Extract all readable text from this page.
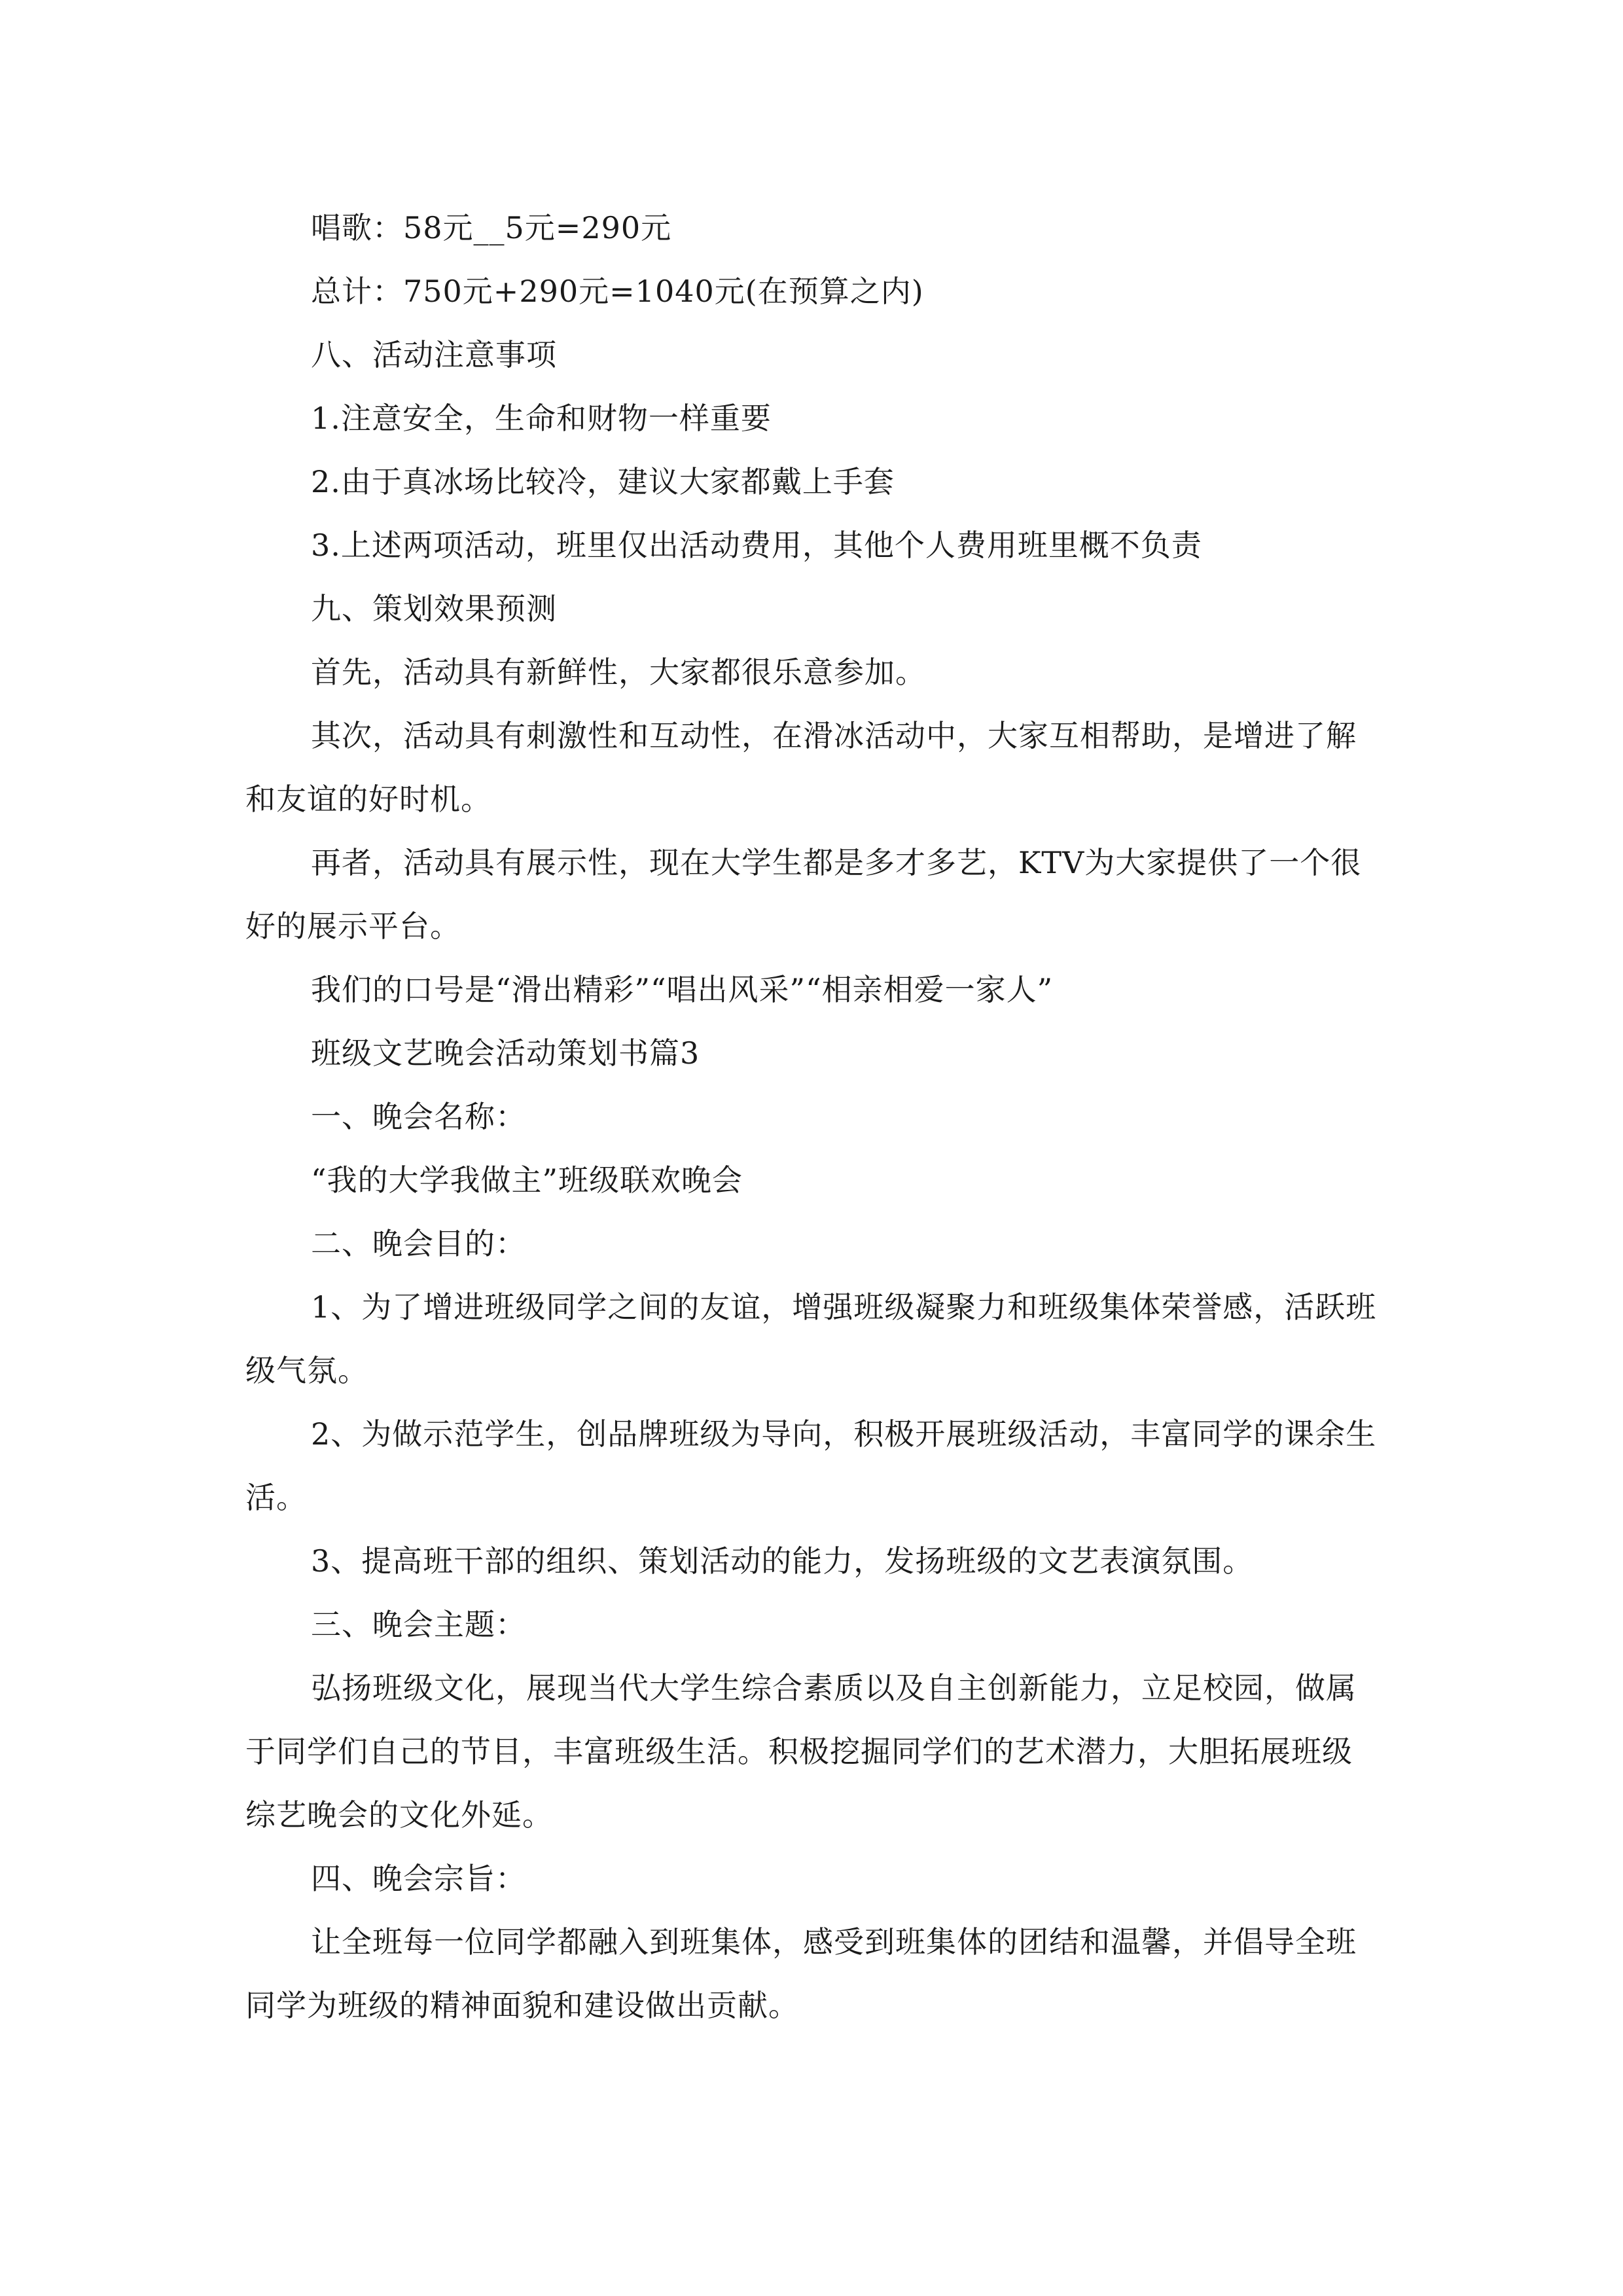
唱歌：58元__5元=290元

总计：750元+290元=1040元(在预算之内)

八、活动注意事项

1.注意安全，生命和财物一样重要

2.由于真冰场比较冷，建议大家都戴上手套

3.上述两项活动，班里仅出活动费用，其他个人费用班里概不负责

九、策划效果预测

首先，活动具有新鲜性，大家都很乐意参加。

其次，活动具有刺激性和互动性，在滑冰活动中，大家互相帮助，是增进了解和友谊的好时机。

再者，活动具有展示性，现在大学生都是多才多艺，KTV为大家提供了一个很好的展示平台。

我们的口号是“滑出精彩”“唱出风采”“相亲相爱一家人”

班级文艺晚会活动策划书篇3

一、晚会名称：

“我的大学我做主”班级联欢晚会

二、晚会目的：

1、为了增进班级同学之间的友谊，增强班级凝聚力和班级集体荣誉感，活跃班级气氛。

2、为做示范学生，创品牌班级为导向，积极开展班级活动，丰富同学的课余生活。

3、提高班干部的组织、策划活动的能力，发扬班级的文艺表演氛围。

三、晚会主题：

弘扬班级文化，展现当代大学生综合素质以及自主创新能力，立足校园，做属于同学们自己的节目，丰富班级生活。积极挖掘同学们的艺术潜力，大胆拓展班级综艺晚会的文化外延。

四、晚会宗旨：

让全班每一位同学都融入到班集体，感受到班集体的团结和温馨，并倡导全班同学为班级的精神面貌和建设做出贡献。
